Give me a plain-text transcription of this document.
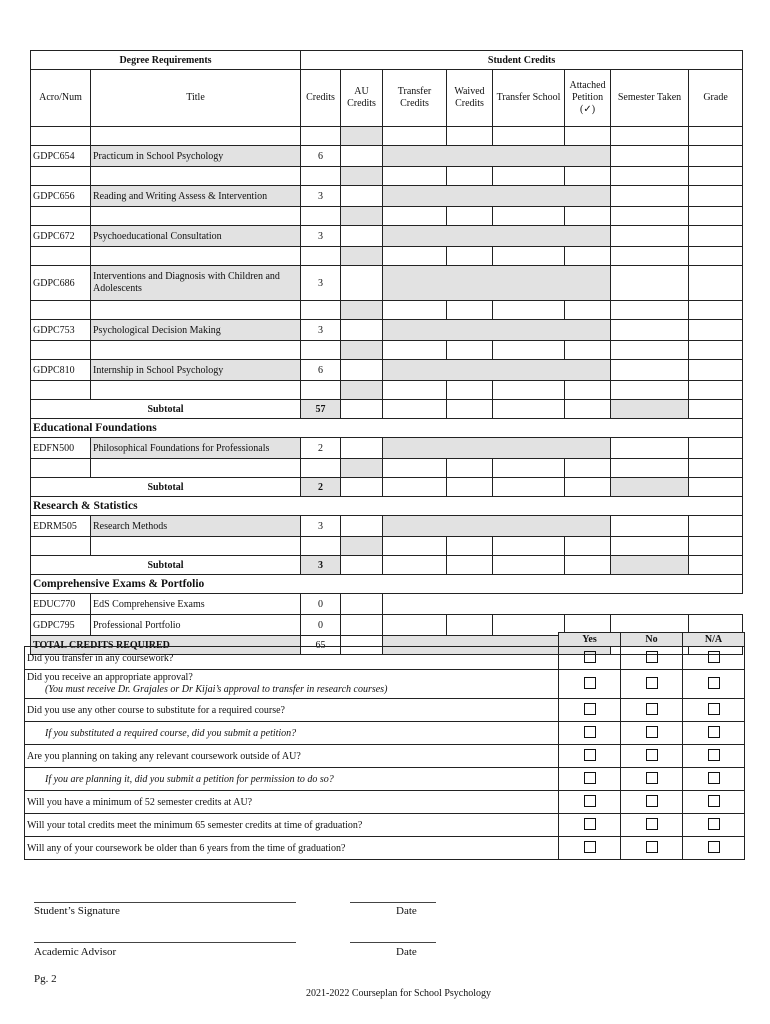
Degree Requirements		Student Credits							
Acro/Num	Title	Credits	AU Credits	Transfer Credits	Waived Credits	Transfer School	Attached Petition (✓)	Semester Taken	Grade

GDPC654	Practicum in School Psychology	6							

GDPC656	Reading and Writing Assess & Intervention	3							

GDPC672	Psychoeducational Consultation	3							

GDPC686	Interventions and Diagnosis with Children and Adolescents	3							

GDPC753	Psychological Decision Making	3							

GDPC810	Internship in School Psychology	6							

Subtotal		57							
Educational Foundations									
EDFN500	Philosophical Foundations for Professionals	2							

Subtotal		2							
Research & Statistics									
EDRM505	Research Methods	3							

Subtotal		3							
Comprehensive Exams & Portfolio									
EDUC770	EdS Comprehensive Exams	0							
GDPC795	Professional Portfolio	0							
TOTAL CREDITS REQUIRED		65							
		Yes	No	N/A
Did you transfer in any coursework?			
Did you receive an appropriate approval?
(You must receive Dr. Grajales or Dr Kijai’s approval to transfer in research courses)			

Did you use any other course to substitute for a required course?			
If you substituted a required course, did you submit a petition?			
Are you planning on taking any relevant coursework outside of AU?			
If you are planning it, did you submit a petition for permission to do so?			
Will you have a minimum of 52 semester credits at AU?			
Will your total credits meet the minimum 65 semester credits at time of graduation?			
Will any of your coursework be older than 6 years from the time of graduation?			
Student’s Signature	Date
Academic Advisor	Date
Pg. 2
2021-2022 Courseplan for School Psychology
